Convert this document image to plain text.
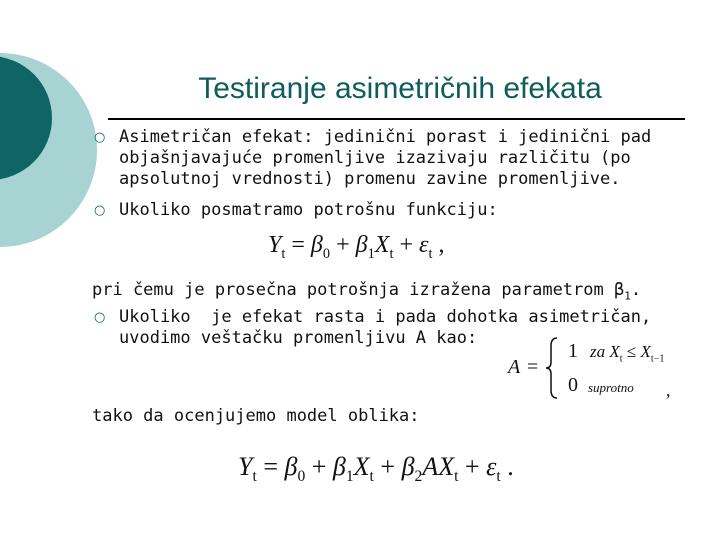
Testiranje asimetričnih efekata
○ Asimetričan efekat: jedinični porast i jedinični pad
objašnjavajuće promenljive izazivaju različitu (po
apsolutnoj vrednosti) promenu zavine promenljive.
○ Ukoliko posmatramo potrošnu funkciju:
$Y_t = \beta_0 + \beta_1X_t + \varepsilon_t$ ,
pri čemu je prosečna potrošnja izražena parametrom $\beta_1$.
○ Ukoliko  je efekat rasta i pada dohotka asimetričan,
uvodimo veštačku promenljivu A kao:
A =
1 za $X_t \le X_{t-1}$
0 suprotno ,
tako da ocenjujemo model oblika:
$Y_t = \beta_0 + \beta_1X_t + \beta_2AX_t + \varepsilon_t$ .
